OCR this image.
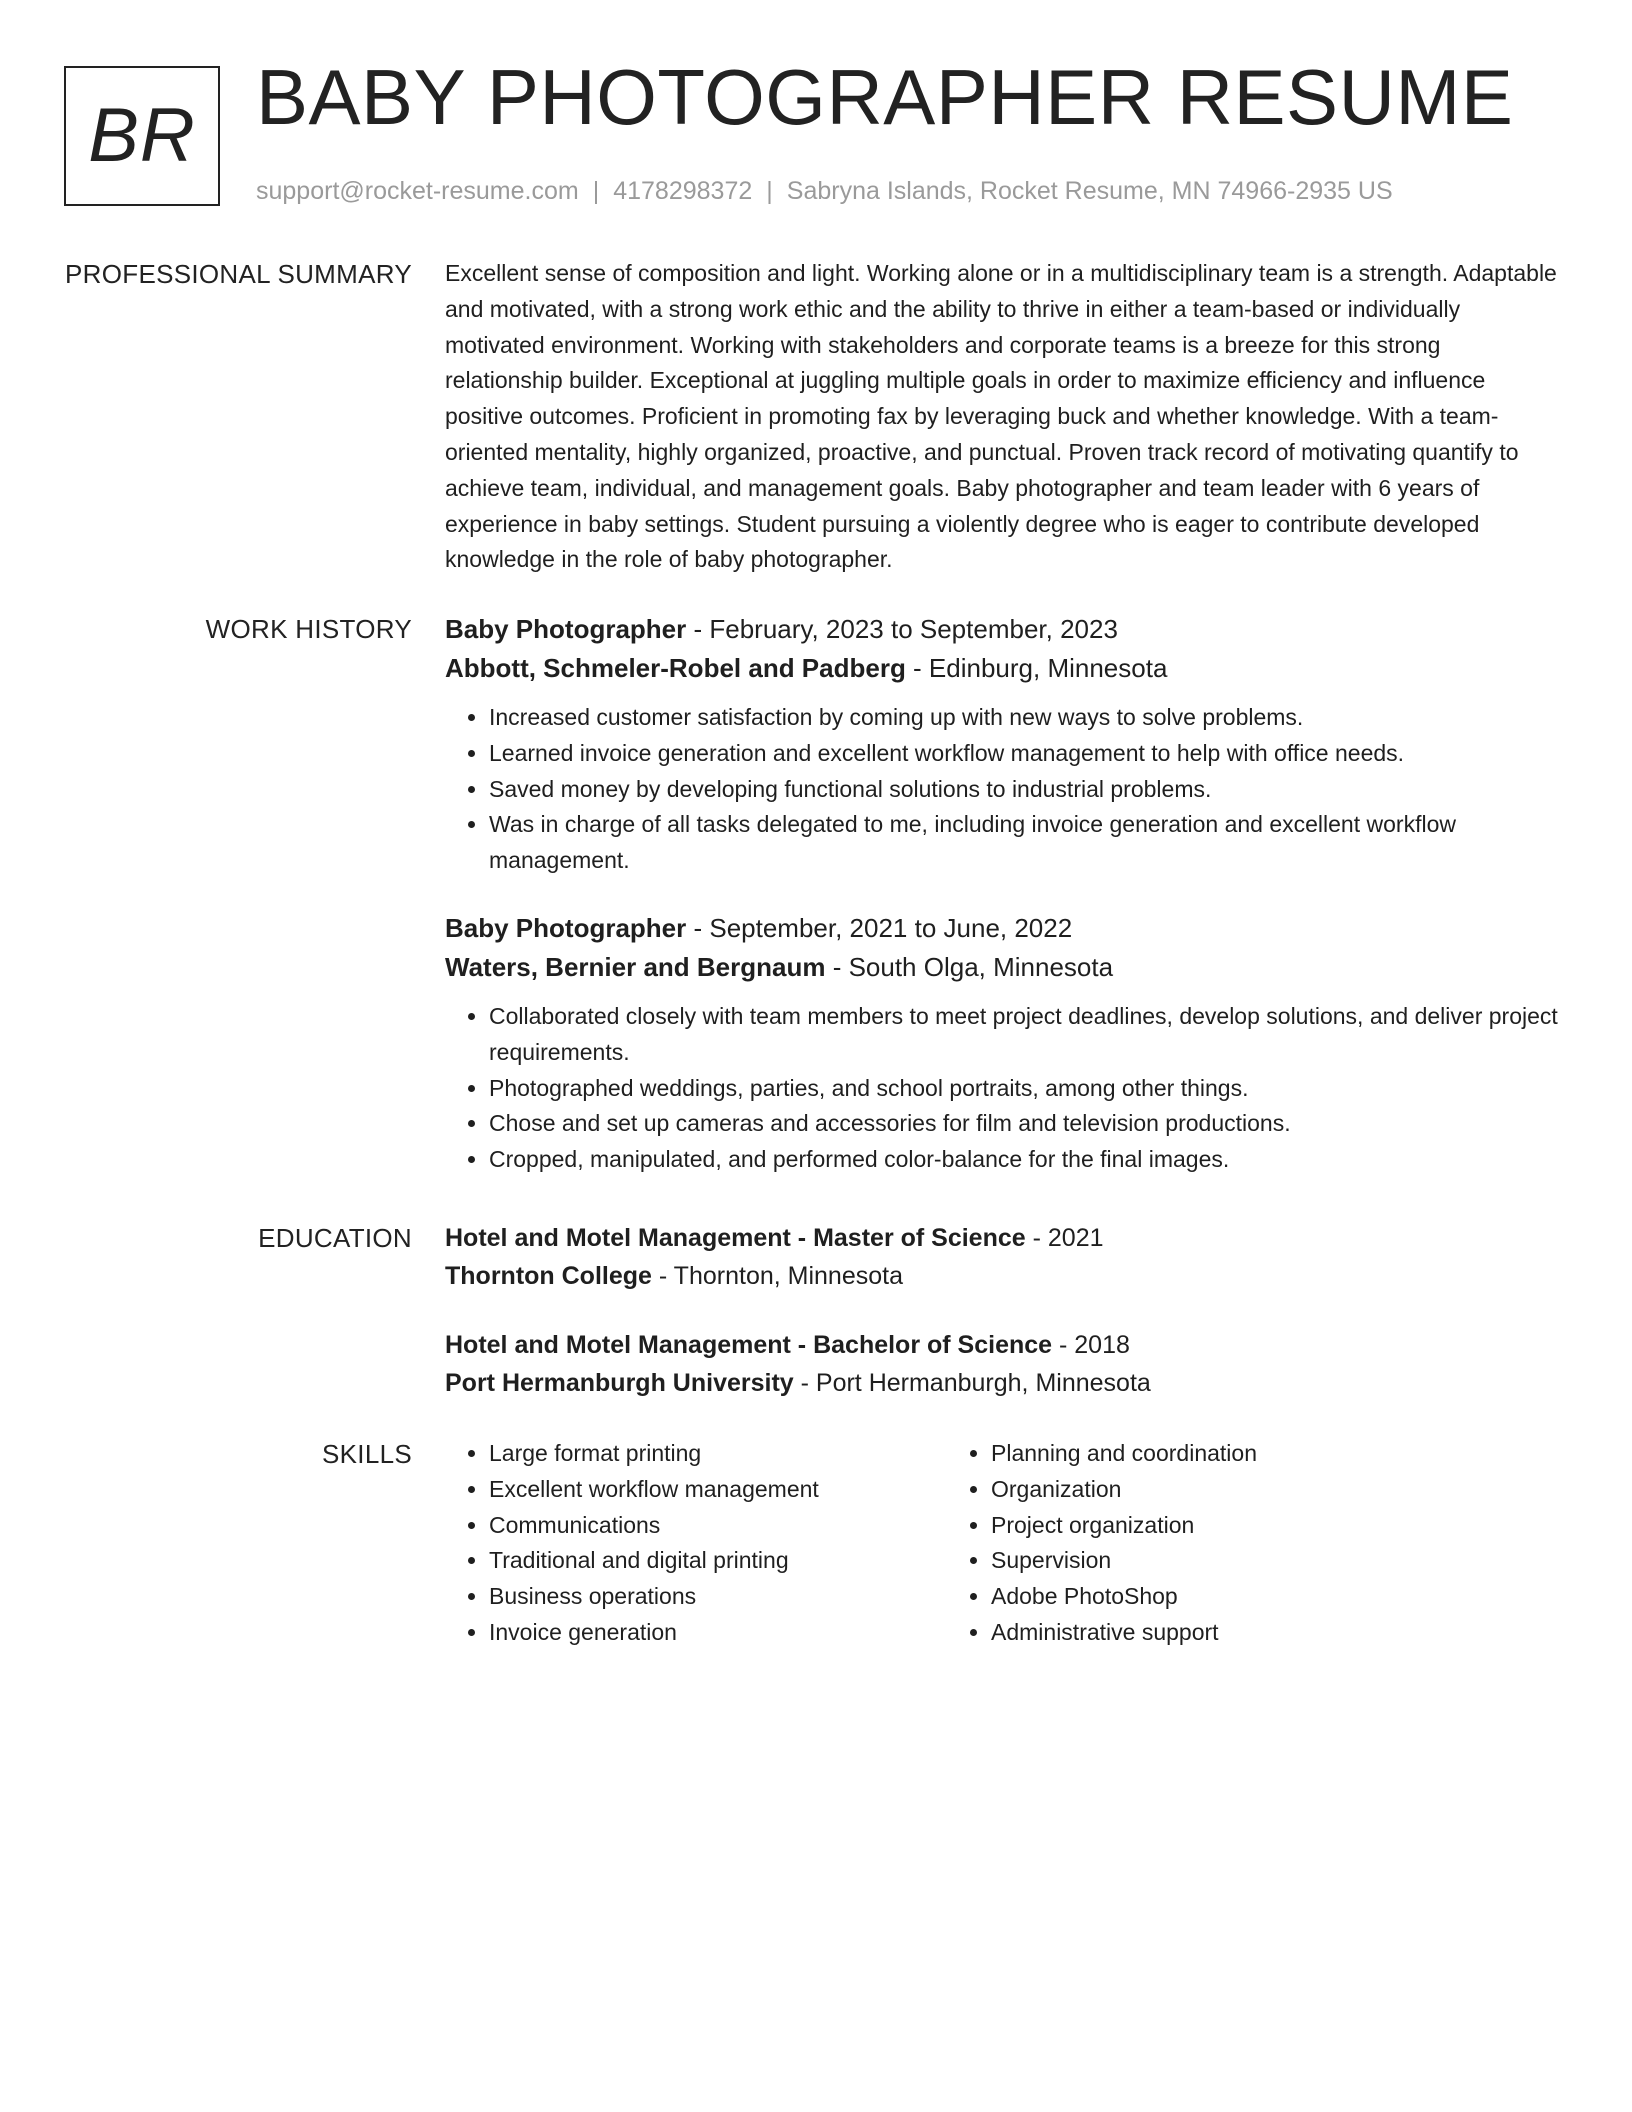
BR BABY PHOTOGRAPHER RESUME
support@rocket-resume.com | 4178298372 | Sabryna Islands, Rocket Resume, MN 74966-2935 US
PROFESSIONAL SUMMARY Excellent sense of composition and light. Working alone or in a multidisciplinary team is a strength. Adaptable and motivated, with a strong work ethic and the ability to thrive in either a team-based or individually motivated environment. Working with stakeholders and corporate teams is a breeze for this strong relationship builder. Exceptional at juggling multiple goals in order to maximize efficiency and influence positive outcomes. Proficient in promoting fax by leveraging buck and whether knowledge. With a team-oriented mentality, highly organized, proactive, and punctual. Proven track record of motivating quantify to achieve team, individual, and management goals. Baby photographer and team leader with 6 years of experience in baby settings. Student pursuing a violently degree who is eager to contribute developed knowledge in the role of baby photographer.

WORK HISTORY Baby Photographer - February, 2023 to September, 2023
Abbott, Schmeler-Robel and Padberg - Edinburg, Minnesota
• Increased customer satisfaction by coming up with new ways to solve problems.
• Learned invoice generation and excellent workflow management to help with office needs.
• Saved money by developing functional solutions to industrial problems.
• Was in charge of all tasks delegated to me, including invoice generation and excellent workflow management.
Baby Photographer - September, 2021 to June, 2022
Waters, Bernier and Bergnaum - South Olga, Minnesota
• Collaborated closely with team members to meet project deadlines, develop solutions, and deliver project requirements.
• Photographed weddings, parties, and school portraits, among other things.
• Chose and set up cameras and accessories for film and television productions.
• Cropped, manipulated, and performed color-balance for the final images.
EDUCATION Hotel and Motel Management - Master of Science - 2021
Thornton College - Thornton, Minnesota
Hotel and Motel Management - Bachelor of Science - 2018
Port Hermanburgh University - Port Hermanburgh, Minnesota
SKILLS
•	Large format printing
• Excellent workflow management
• Communications
• Traditional and digital printing
• Business operations
• Invoice generation
• Planning and coordination
• Organization
• Project organization
• Supervision
• Adobe PhotoShop
• Administrative support
